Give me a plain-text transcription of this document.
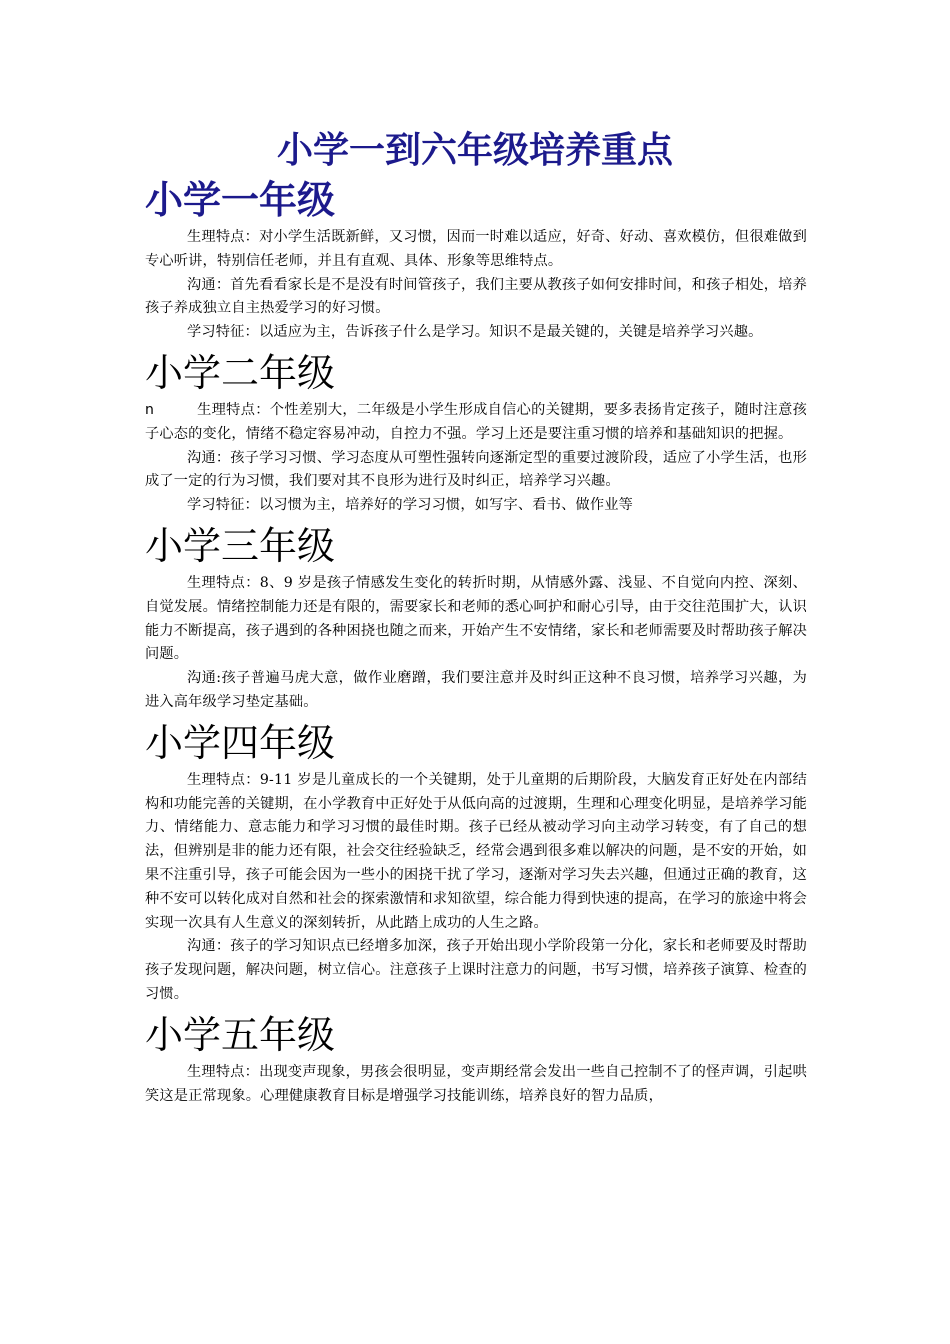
小学一到六年级培养重点
小学一年级

生理特点：对小学生活既新鲜，又习惯，因而一时难以适应，好奇、好动、喜欢模仿，但很难做到专心听讲，特别信任老师，并且有直观、具体、形象等思维特点。

沟通：首先看看家长是不是没有时间管孩子，我们主要从教孩子如何安排时间，和孩子相处，培养孩子养成独立自主热爱学习的好习惯。

学习特征：以适应为主，告诉孩子什么是学习。知识不是最关键的，关键是培养学习兴趣。

小学二年级

n	生理特点：个性差别大，二年级是小学生形成自信心的关键期，要多表扬肯定孩子，随时注意孩子心态的变化，情绪不稳定容易冲动，自控力不强。学习上还是要注重习惯的培养和基础知识的把握。

沟通：孩子学习习惯、学习态度从可塑性强转向逐渐定型的重要过渡阶段，适应了小学生活，也形成了一定的行为习惯，我们要对其不良形为进行及时纠正，培养学习兴趣。

学习特征：以习惯为主，培养好的学习习惯，如写字、看书、做作业等

小学三年级

生理特点：8、9 岁是孩子情感发生变化的转折时期，从情感外露、浅显、不自觉向内控、深刻、自觉发展。情绪控制能力还是有限的，需要家长和老师的悉心呵护和耐心引导，由于交往范围扩大，认识能力不断提高，孩子遇到的各种困挠也随之而来，开始产生不安情绪，家长和老师需要及时帮助孩子解决问题。

沟通:孩子普遍马虎大意，做作业磨蹭，我们要注意并及时纠正这种不良习惯，培养学习兴趣，为进入高年级学习垫定基础。

小学四年级

生理特点：9-11 岁是儿童成长的一个关键期，处于儿童期的后期阶段，大脑发育正好处在内部结构和功能完善的关键期，在小学教育中正好处于从低向高的过渡期，生理和心理变化明显，是培养学习能力、情绪能力、意志能力和学习习惯的最佳时期。孩子已经从被动学习向主动学习转变，有了自己的想法，但辨别是非的能力还有限，社会交往经验缺乏，经常会遇到很多难以解决的问题，是不安的开始，如果不注重引导，孩子可能会因为一些小的困挠干扰了学习，逐渐对学习失去兴趣，但通过正确的教育，这种不安可以转化成对自然和社会的探索激情和求知欲望，综合能力得到快速的提高，在学习的旅途中将会实现一次具有人生意义的深刻转折，从此踏上成功的人生之路。

沟通：孩子的学习知识点已经增多加深，孩子开始出现小学阶段第一分化，家长和老师要及时帮助孩子发现问题，解决问题，树立信心。注意孩子上课时注意力的问题，书写习惯，培养孩子演算、检查的习惯。

小学五年级

生理特点：出现变声现象，男孩会很明显，变声期经常会发出一些自己控制不了的怪声调，引起哄笑这是正常现象。心理健康教育目标是增强学习技能训练，培养良好的智力品质，
